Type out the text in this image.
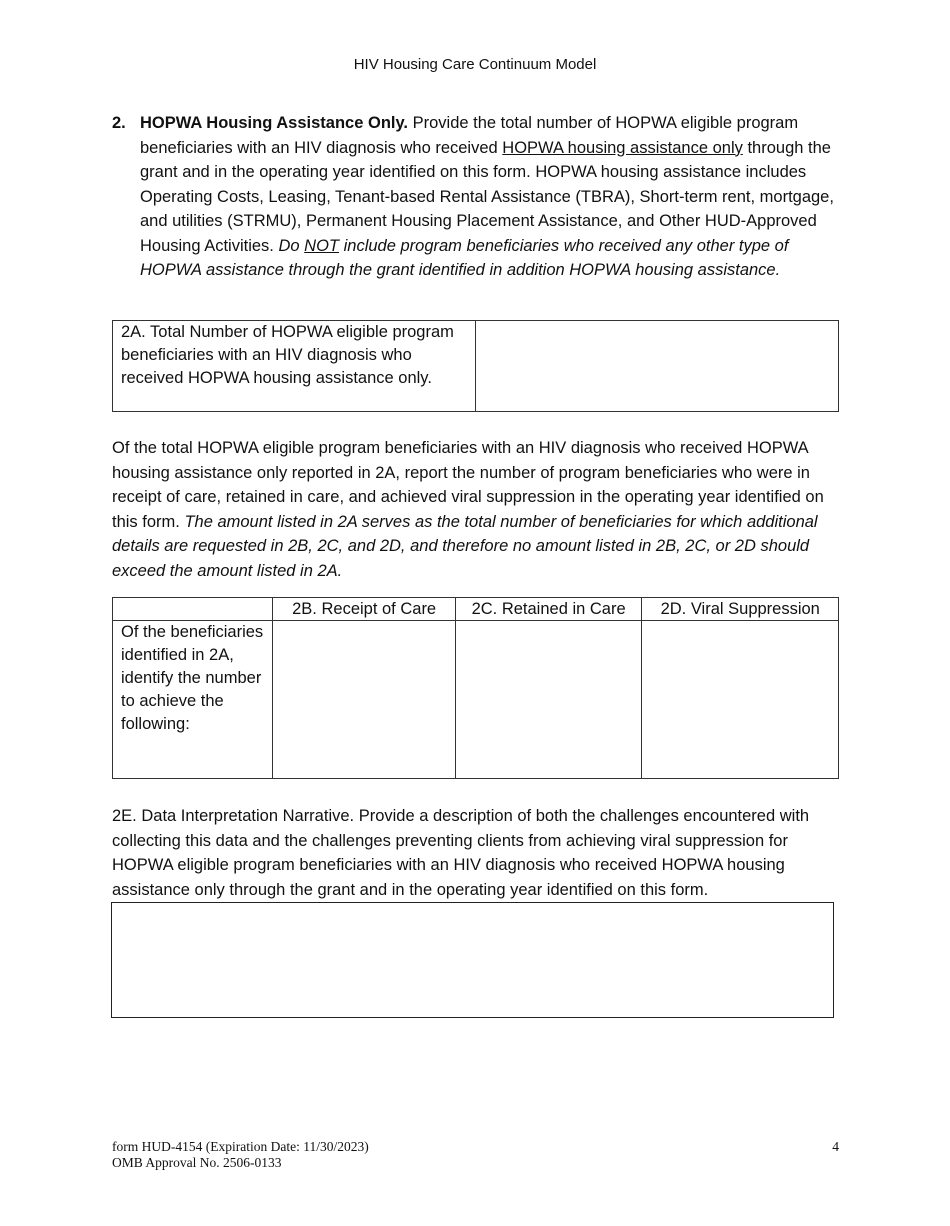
HIV Housing Care Continuum Model
2. HOPWA Housing Assistance Only. Provide the total number of HOPWA eligible program beneficiaries with an HIV diagnosis who received HOPWA housing assistance only through the grant and in the operating year identified on this form. HOPWA housing assistance includes Operating Costs, Leasing, Tenant-based Rental Assistance (TBRA), Short-term rent, mortgage, and utilities (STRMU), Permanent Housing Placement Assistance, and Other HUD-Approved Housing Activities. Do NOT include program beneficiaries who received any other type of HOPWA assistance through the grant identified in addition HOPWA housing assistance.
2A. Total Number of HOPWA eligible program beneficiaries with an HIV diagnosis who received HOPWA housing assistance only.	
Of the total HOPWA eligible program beneficiaries with an HIV diagnosis who received HOPWA housing assistance only reported in 2A, report the number of program beneficiaries who were in receipt of care, retained in care, and achieved viral suppression in the operating year identified on this form. The amount listed in 2A serves as the total number of beneficiaries for which additional details are requested in 2B, 2C, and 2D, and therefore no amount listed in 2B, 2C, or 2D should exceed the amount listed in 2A.
	2B. Receipt of Care	2C. Retained in Care	2D. Viral Suppression
Of the beneficiaries identified in 2A, identify the number to achieve the following:			
2E. Data Interpretation Narrative. Provide a description of both the challenges encountered with collecting this data and the challenges preventing clients from achieving viral suppression for HOPWA eligible program beneficiaries with an HIV diagnosis who received HOPWA housing assistance only through the grant and in the operating year identified on this form.
form HUD-4154 (Expiration Date: 11/30/2023)
OMB Approval No. 2506-0133
4
